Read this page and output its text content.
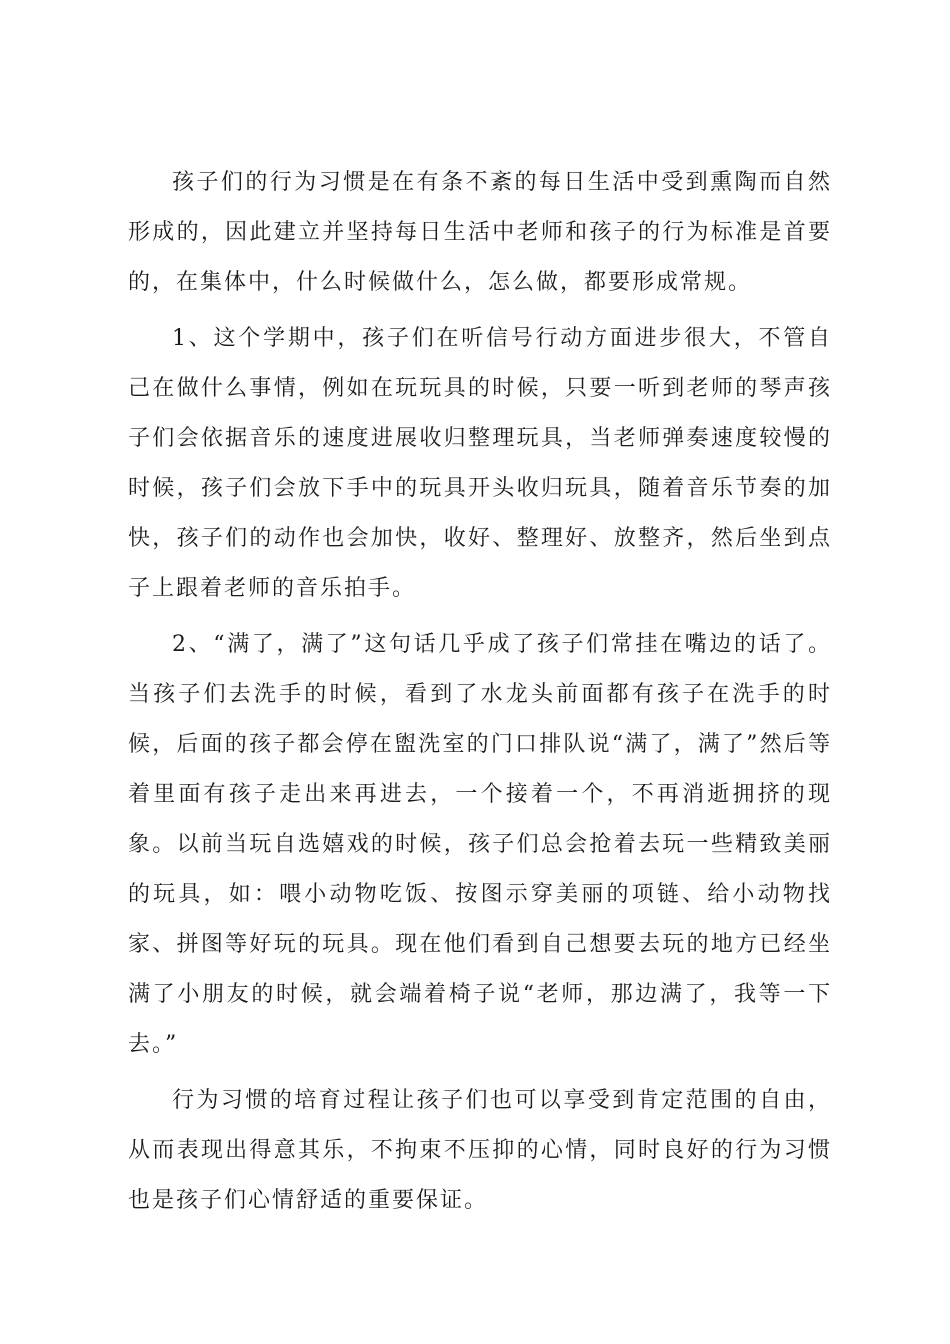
孩子们的行为习惯是在有条不紊的每日生活中受到熏陶而自然形成的，因此建立并坚持每日生活中老师和孩子的行为标准是首要的，在集体中，什么时候做什么，怎么做，都要形成常规。

1、这个学期中，孩子们在听信号行动方面进步很大，不管自己在做什么事情，例如在玩玩具的时候，只要一听到老师的琴声孩子们会依据音乐的速度进展收归整理玩具，当老师弹奏速度较慢的时候，孩子们会放下手中的玩具开头收归玩具，随着音乐节奏的加快，孩子们的动作也会加快，收好、整理好、放整齐，然后坐到点子上跟着老师的音乐拍手。

2、“满了，满了”这句话几乎成了孩子们常挂在嘴边的话了。当孩子们去洗手的时候，看到了水龙头前面都有孩子在洗手的时候，后面的孩子都会停在盥洗室的门口排队说“满了，满了”然后等着里面有孩子走出来再进去，一个接着一个，不再消逝拥挤的现象。以前当玩自选嬉戏的时候，孩子们总会抢着去玩一些精致美丽的玩具，如：喂小动物吃饭、按图示穿美丽的项链、给小动物找家、拼图等好玩的玩具。现在他们看到自己想要去玩的地方已经坐满了小朋友的时候，就会端着椅子说“老师，那边满了，我等一下去。”

行为习惯的培育过程让孩子们也可以享受到肯定范围的自由，从而表现出得意其乐，不拘束不压抑的心情，同时良好的行为习惯也是孩子们心情舒适的重要保证。
